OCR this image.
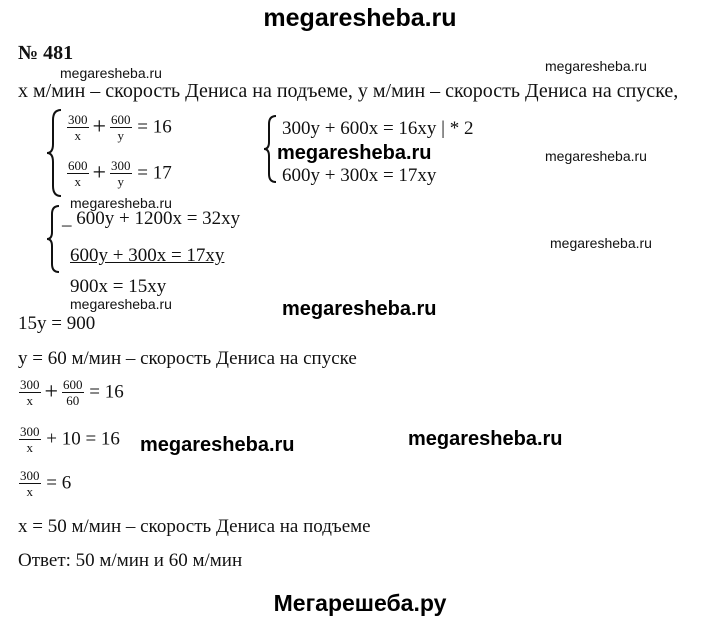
megaresheba.ru
№ 481
megaresheba.ru
megaresheba.ru
х м/мин – скорость Дениса на подъеме, у м/мин – скорость Дениса на спуске,
$\frac{300}{x} + \frac{600}{y} = 16$
$\frac{600}{x} + \frac{300}{y} = 17$
300y + 600x = 16xy | * 2
megaresheba.ru
600y + 300x = 17xy
megaresheba.ru
megaresheba.ru
_ 600y + 1200x = 32xy
600y + 300x = 17xy
900x = 15xy
megaresheba.ru
megaresheba.ru	megaresheba.ru
15y = 900
y = 60 м/мин – скорость Дениса на спуске
$\frac{300}{x} + \frac{600}{60} = 16$
$\frac{300}{x} + 10 = 16$ megaresheba.ru	megaresheba.ru
$\frac{300}{x} = 6$
x = 50 м/мин – скорость Дениса на подъеме
Ответ: 50 м/мин и 60 м/мин
Мегарешеба.ру
